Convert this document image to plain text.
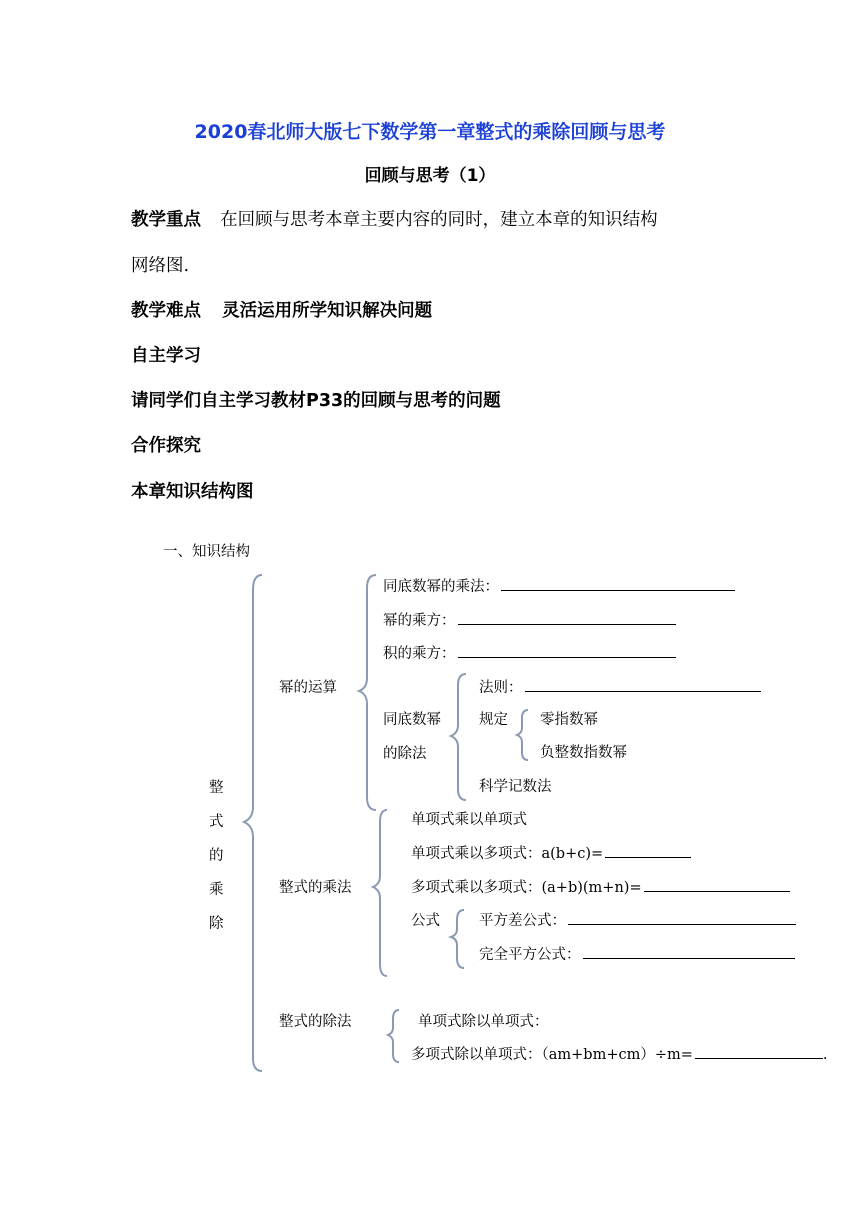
2020春北师大版七下数学第一章整式的乘除回顾与思考
回顾与思考（1）
教学重点 在回顾与思考本章主要内容的同时，建立本章的知识结构
网络图.
教学难点 灵活运用所学知识解决问题
自主学习
请同学们自主学习教材P33的回顾与思考的问题
合作探究
本章知识结构图
一、知识结构
整
式
的
乘
除
幂的运算
同底数幂的乘法：
幂的乘方：
积的乘方：
同底数幂
的除法
法则：
规定 零指数幂
负整数指数幂
科学记数法
整式的乘法
单项式乘以单项式
单项式乘以多项式：a(b+c)=
多项式乘以多项式：(a+b)(m+n)=
公式	平方差公式：
完全平方公式：
整式的除法	单项式除以单项式：
多项式除以单项式：（am+bm+cm）÷m=	.
